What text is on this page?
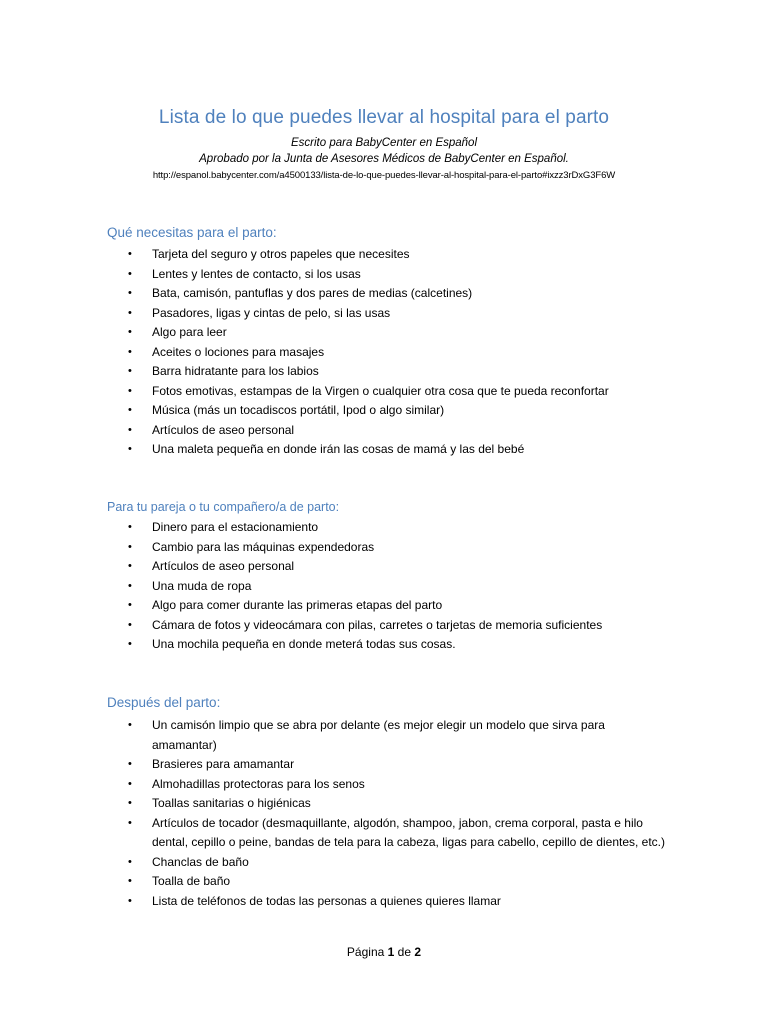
Lista de lo que puedes llevar al hospital para el parto
Escrito para BabyCenter en Español
Aprobado por la Junta de Asesores Médicos de BabyCenter en Español.
http://espanol.babycenter.com/a4500133/lista-de-lo-que-puedes-llevar-al-hospital-para-el-parto#ixzz3rDxG3F6W
Qué necesitas para el parto:
• Tarjeta del seguro y otros papeles que necesites
• Lentes y lentes de contacto, si los usas
• Bata, camisón, pantuflas y dos pares de medias (calcetines)
• Pasadores, ligas y cintas de pelo, si las usas
• Algo para leer
• Aceites o lociones para masajes
• Barra hidratante para los labios
• Fotos emotivas, estampas de la Virgen o cualquier otra cosa que te pueda reconfortar
• Música (más un tocadiscos portátil, Ipod o algo similar)
• Artículos de aseo personal
• Una maleta pequeña en donde irán las cosas de mamá y las del bebé
Para tu pareja o tu compañero/a de parto:
• Dinero para el estacionamiento
• Cambio para las máquinas expendedoras
• Artículos de aseo personal
• Una muda de ropa
• Algo para comer durante las primeras etapas del parto
• Cámara de fotos y videocámara con pilas, carretes o tarjetas de memoria suficientes
• Una mochila pequeña en donde meterá todas sus cosas.
Después del parto:
• Un camisón limpio que se abra por delante (es mejor elegir un modelo que sirva para amamantar)
• Brasieres para amamantar
• Almohadillas protectoras para los senos
• Toallas sanitarias o higiénicas
• Artículos de tocador (desmaquillante, algodón, shampoo, jabon, crema corporal, pasta e hilo dental, cepillo o peine, bandas de tela para la cabeza, ligas para cabello, cepillo de dientes, etc.)
• Chanclas de baño
• Toalla de baño
• Lista de teléfonos de todas las personas a quienes quieres llamar
Página 1 de 2
